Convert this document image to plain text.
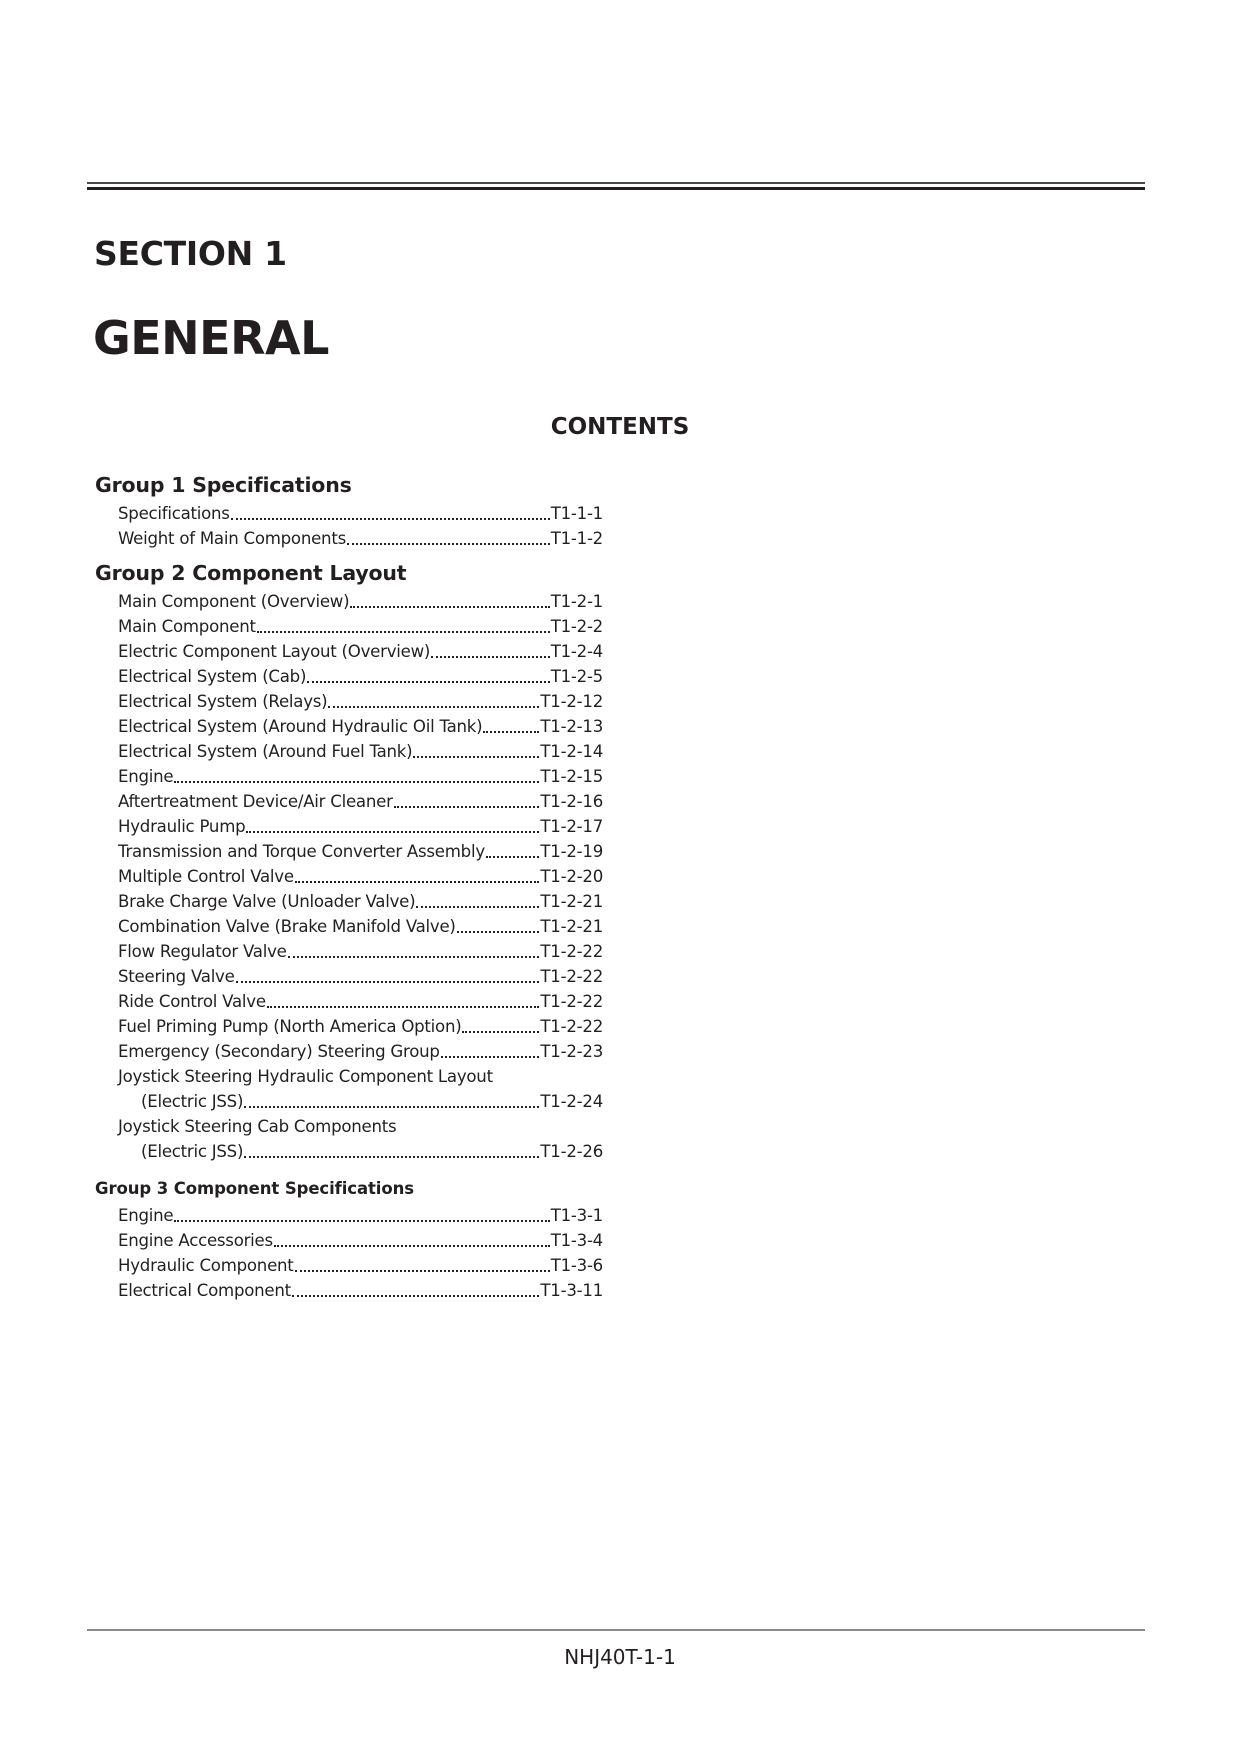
SECTION 1
GENERAL
CONTENTS
Group 1 Specifications
Specifications	T1-1-1
Weight of Main Components	T1-1-2
Group 2 Component Layout
Main Component (Overview)	T1-2-1
Main Component	T1-2-2
Electric Component Layout (Overview)	T1-2-4
Electrical System (Cab)	T1-2-5
Electrical System (Relays)	T1-2-12
Electrical System (Around Hydraulic Oil Tank)	T1-2-13
Electrical System (Around Fuel Tank)	T1-2-14
Engine	T1-2-15
Aftertreatment Device/Air Cleaner	T1-2-16
Hydraulic Pump	T1-2-17
Transmission and Torque Converter Assembly	T1-2-19
Multiple Control Valve	T1-2-20
Brake Charge Valve (Unloader Valve)	T1-2-21
Combination Valve (Brake Manifold Valve)	T1-2-21
Flow Regulator Valve	T1-2-22
Steering Valve	T1-2-22
Ride Control Valve	T1-2-22
Fuel Priming Pump (North America Option)	T1-2-22
Emergency (Secondary) Steering Group	T1-2-23
Joystick Steering Hydraulic Component Layout
(Electric JSS)	T1-2-24
Joystick Steering Cab Components
(Electric JSS)	T1-2-26
Group 3 Component Specifications
Engine	T1-3-1
Engine Accessories	T1-3-4
Hydraulic Component	T1-3-6
Electrical Component	T1-3-11
NHJ40T-1-1
